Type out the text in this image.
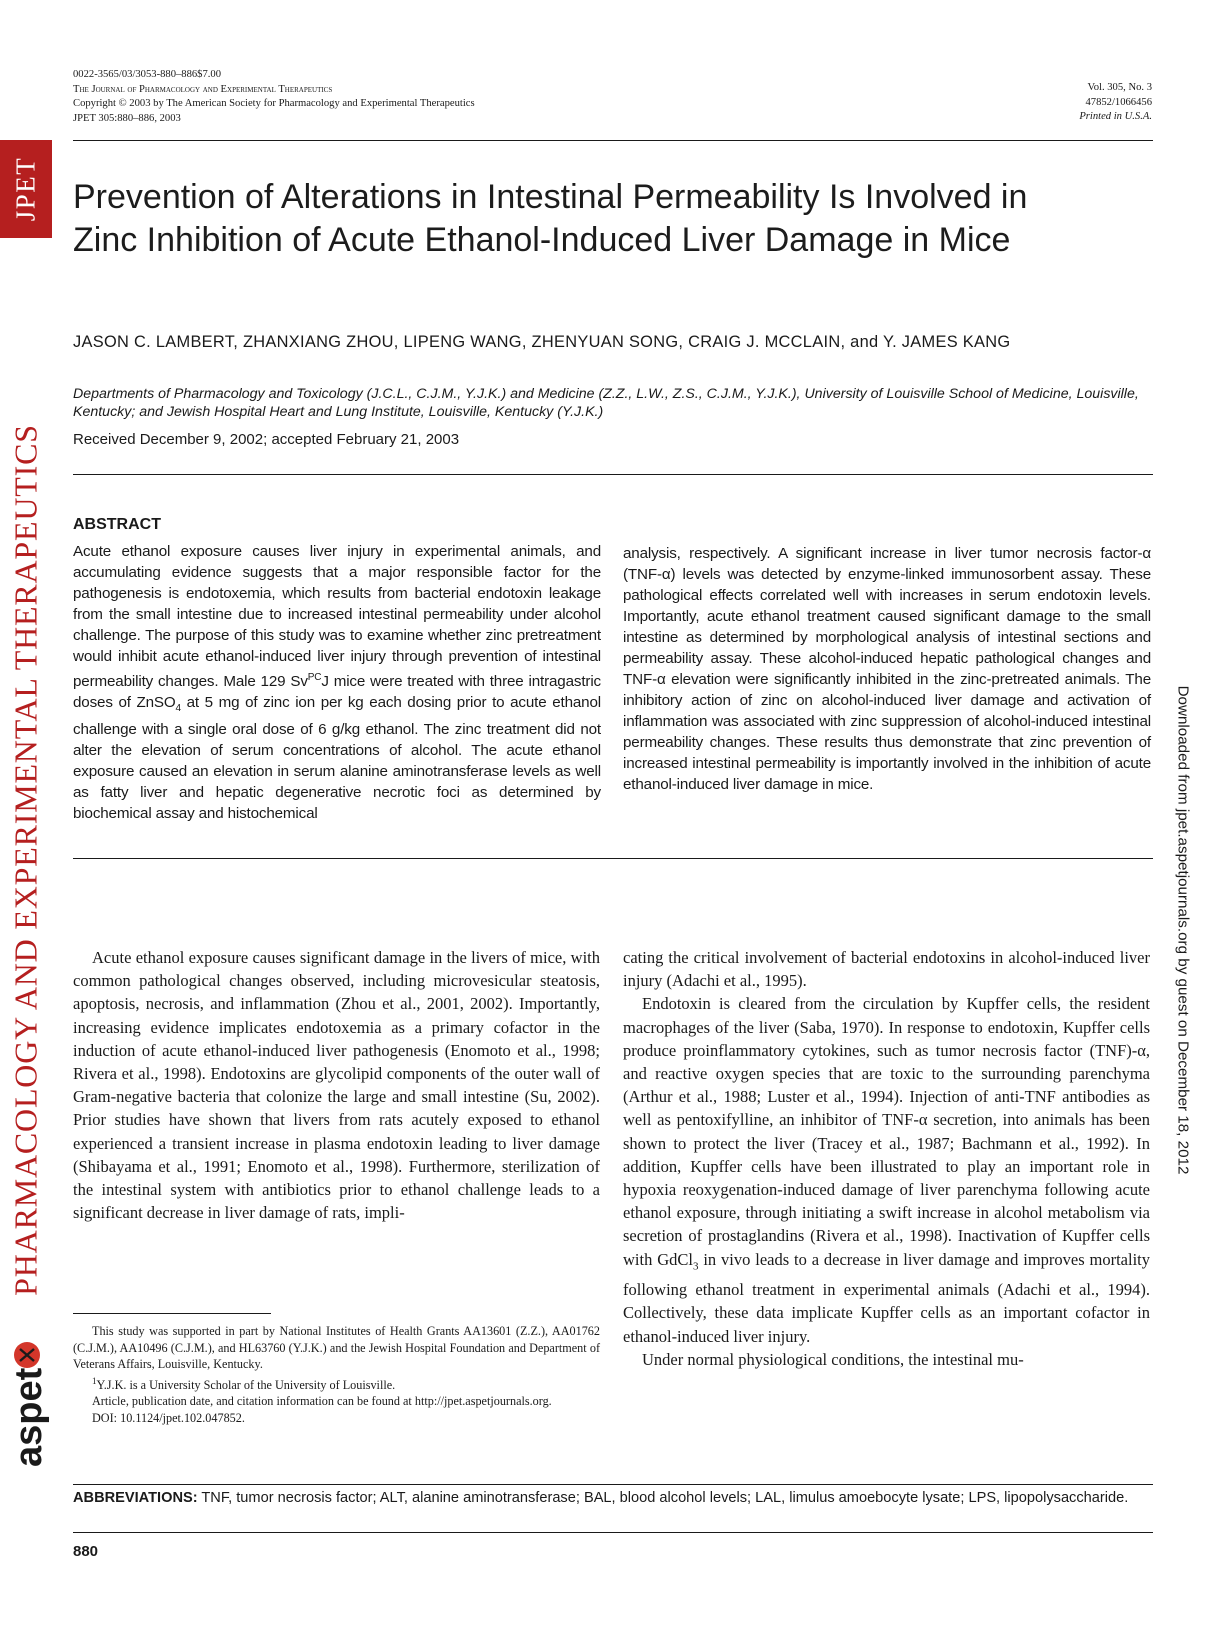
JPET
PHARMACOLOGY AND EXPERIMENTAL THERAPEUTICS
aspet
Downloaded from jpet.aspetjournals.org by guest on December 18, 2012
0022-3565/03/3053-880–886$7.00
The Journal of Pharmacology and Experimental Therapeutics
Copyright © 2003 by The American Society for Pharmacology and Experimental Therapeutics
JPET 305:880–886, 2003
Vol. 305, No. 3
47852/1066456
Printed in U.S.A.
Prevention of Alterations in Intestinal Permeability Is Involved in
Zinc Inhibition of Acute Ethanol-Induced Liver Damage in Mice
JASON C. LAMBERT, ZHANXIANG ZHOU, LIPENG WANG, ZHENYUAN SONG, CRAIG J. MCCLAIN, and Y. JAMES KANG
Departments of Pharmacology and Toxicology (J.C.L., C.J.M., Y.J.K.) and Medicine (Z.Z., L.W., Z.S., C.J.M., Y.J.K.), University of Louisville School of Medicine, Louisville, Kentucky; and Jewish Hospital Heart and Lung Institute, Louisville, Kentucky (Y.J.K.)
Received December 9, 2002; accepted February 21, 2003
ABSTRACT
Acute ethanol exposure causes liver injury in experimental animals, and accumulating evidence suggests that a major responsible factor for the pathogenesis is endotoxemia, which results from bacterial endotoxin leakage from the small intestine due to increased intestinal permeability under alcohol challenge. The purpose of this study was to examine whether zinc pretreatment would inhibit acute ethanol-induced liver injury through prevention of intestinal permeability changes. Male 129 $Sv^{PC}J$ mice were treated with three intragastric doses of ZnSO$_4$ at 5 mg of zinc ion per kg each dosing prior to acute ethanol challenge with a single oral dose of 6 g/kg ethanol. The zinc treatment did not alter the elevation of serum concentrations of alcohol. The acute ethanol exposure caused an elevation in serum alanine aminotransferase levels as well as fatty liver and hepatic degenerative necrotic foci as determined by biochemical assay and histochemical
analysis, respectively. A significant increase in liver tumor necrosis factor-α (TNF-α) levels was detected by enzyme-linked immunosorbent assay. These pathological effects correlated well with increases in serum endotoxin levels. Importantly, acute ethanol treatment caused significant damage to the small intestine as determined by morphological analysis of intestinal sections and permeability assay. These alcohol-induced hepatic pathological changes and TNF-α elevation were significantly inhibited in the zinc-pretreated animals. The inhibitory action of zinc on alcohol-induced liver damage and activation of inflammation was associated with zinc suppression of alcohol-induced intestinal permeability changes. These results thus demonstrate that zinc prevention of increased intestinal permeability is importantly involved in the inhibition of acute ethanol-induced liver damage in mice.

Acute ethanol exposure causes significant damage in the livers of mice, with common pathological changes observed, including microvesicular steatosis, apoptosis, necrosis, and inflammation (Zhou et al., 2001, 2002). Importantly, increasing evidence implicates endotoxemia as a primary cofactor in the induction of acute ethanol-induced liver pathogenesis (Enomoto et al., 1998; Rivera et al., 1998). Endotoxins are glycolipid components of the outer wall of Gram-negative bacteria that colonize the large and small intestine (Su, 2002). Prior studies have shown that livers from rats acutely exposed to ethanol experienced a transient increase in plasma endotoxin leading to liver damage (Shibayama et al., 1991; Enomoto et al., 1998). Furthermore, sterilization of the intestinal system with antibiotics prior to ethanol challenge leads to a significant decrease in liver damage of rats, impli-

cating the critical involvement of bacterial endotoxins in alcohol-induced liver injury (Adachi et al., 1995).

Endotoxin is cleared from the circulation by Kupffer cells, the resident macrophages of the liver (Saba, 1970). In response to endotoxin, Kupffer cells produce proinflammatory cytokines, such as tumor necrosis factor (TNF)-α, and reactive oxygen species that are toxic to the surrounding parenchyma (Arthur et al., 1988; Luster et al., 1994). Injection of anti-TNF antibodies as well as pentoxifylline, an inhibitor of TNF-α secretion, into animals has been shown to protect the liver (Tracey et al., 1987; Bachmann et al., 1992). In addition, Kupffer cells have been illustrated to play an important role in hypoxia reoxygenation-induced damage of liver parenchyma following acute ethanol exposure, through initiating a swift increase in alcohol metabolism via secretion of prostaglandins (Rivera et al., 1998). Inactivation of Kupffer cells with GdCl$_3$ in vivo leads to a decrease in liver damage and improves mortality following ethanol treatment in experimental animals (Adachi et al., 1994). Collectively, these data implicate Kupffer cells as an important cofactor in ethanol-induced liver injury.

Under normal physiological conditions, the intestinal mu-

This study was supported in part by National Institutes of Health Grants AA13601 (Z.Z.), AA01762 (C.J.M.), AA10496 (C.J.M.), and HL63760 (Y.J.K.) and the Jewish Hospital Foundation and Department of Veterans Affairs, Louisville, Kentucky.

$^1$Y.J.K. is a University Scholar of the University of Louisville.

Article, publication date, and citation information can be found at http://jpet.aspetjournals.org.

DOI: 10.1124/jpet.102.047852.

ABBREVIATIONS: TNF, tumor necrosis factor; ALT, alanine aminotransferase; BAL, blood alcohol levels; LAL, limulus amoebocyte lysate; LPS, lipopolysaccharide.
880
